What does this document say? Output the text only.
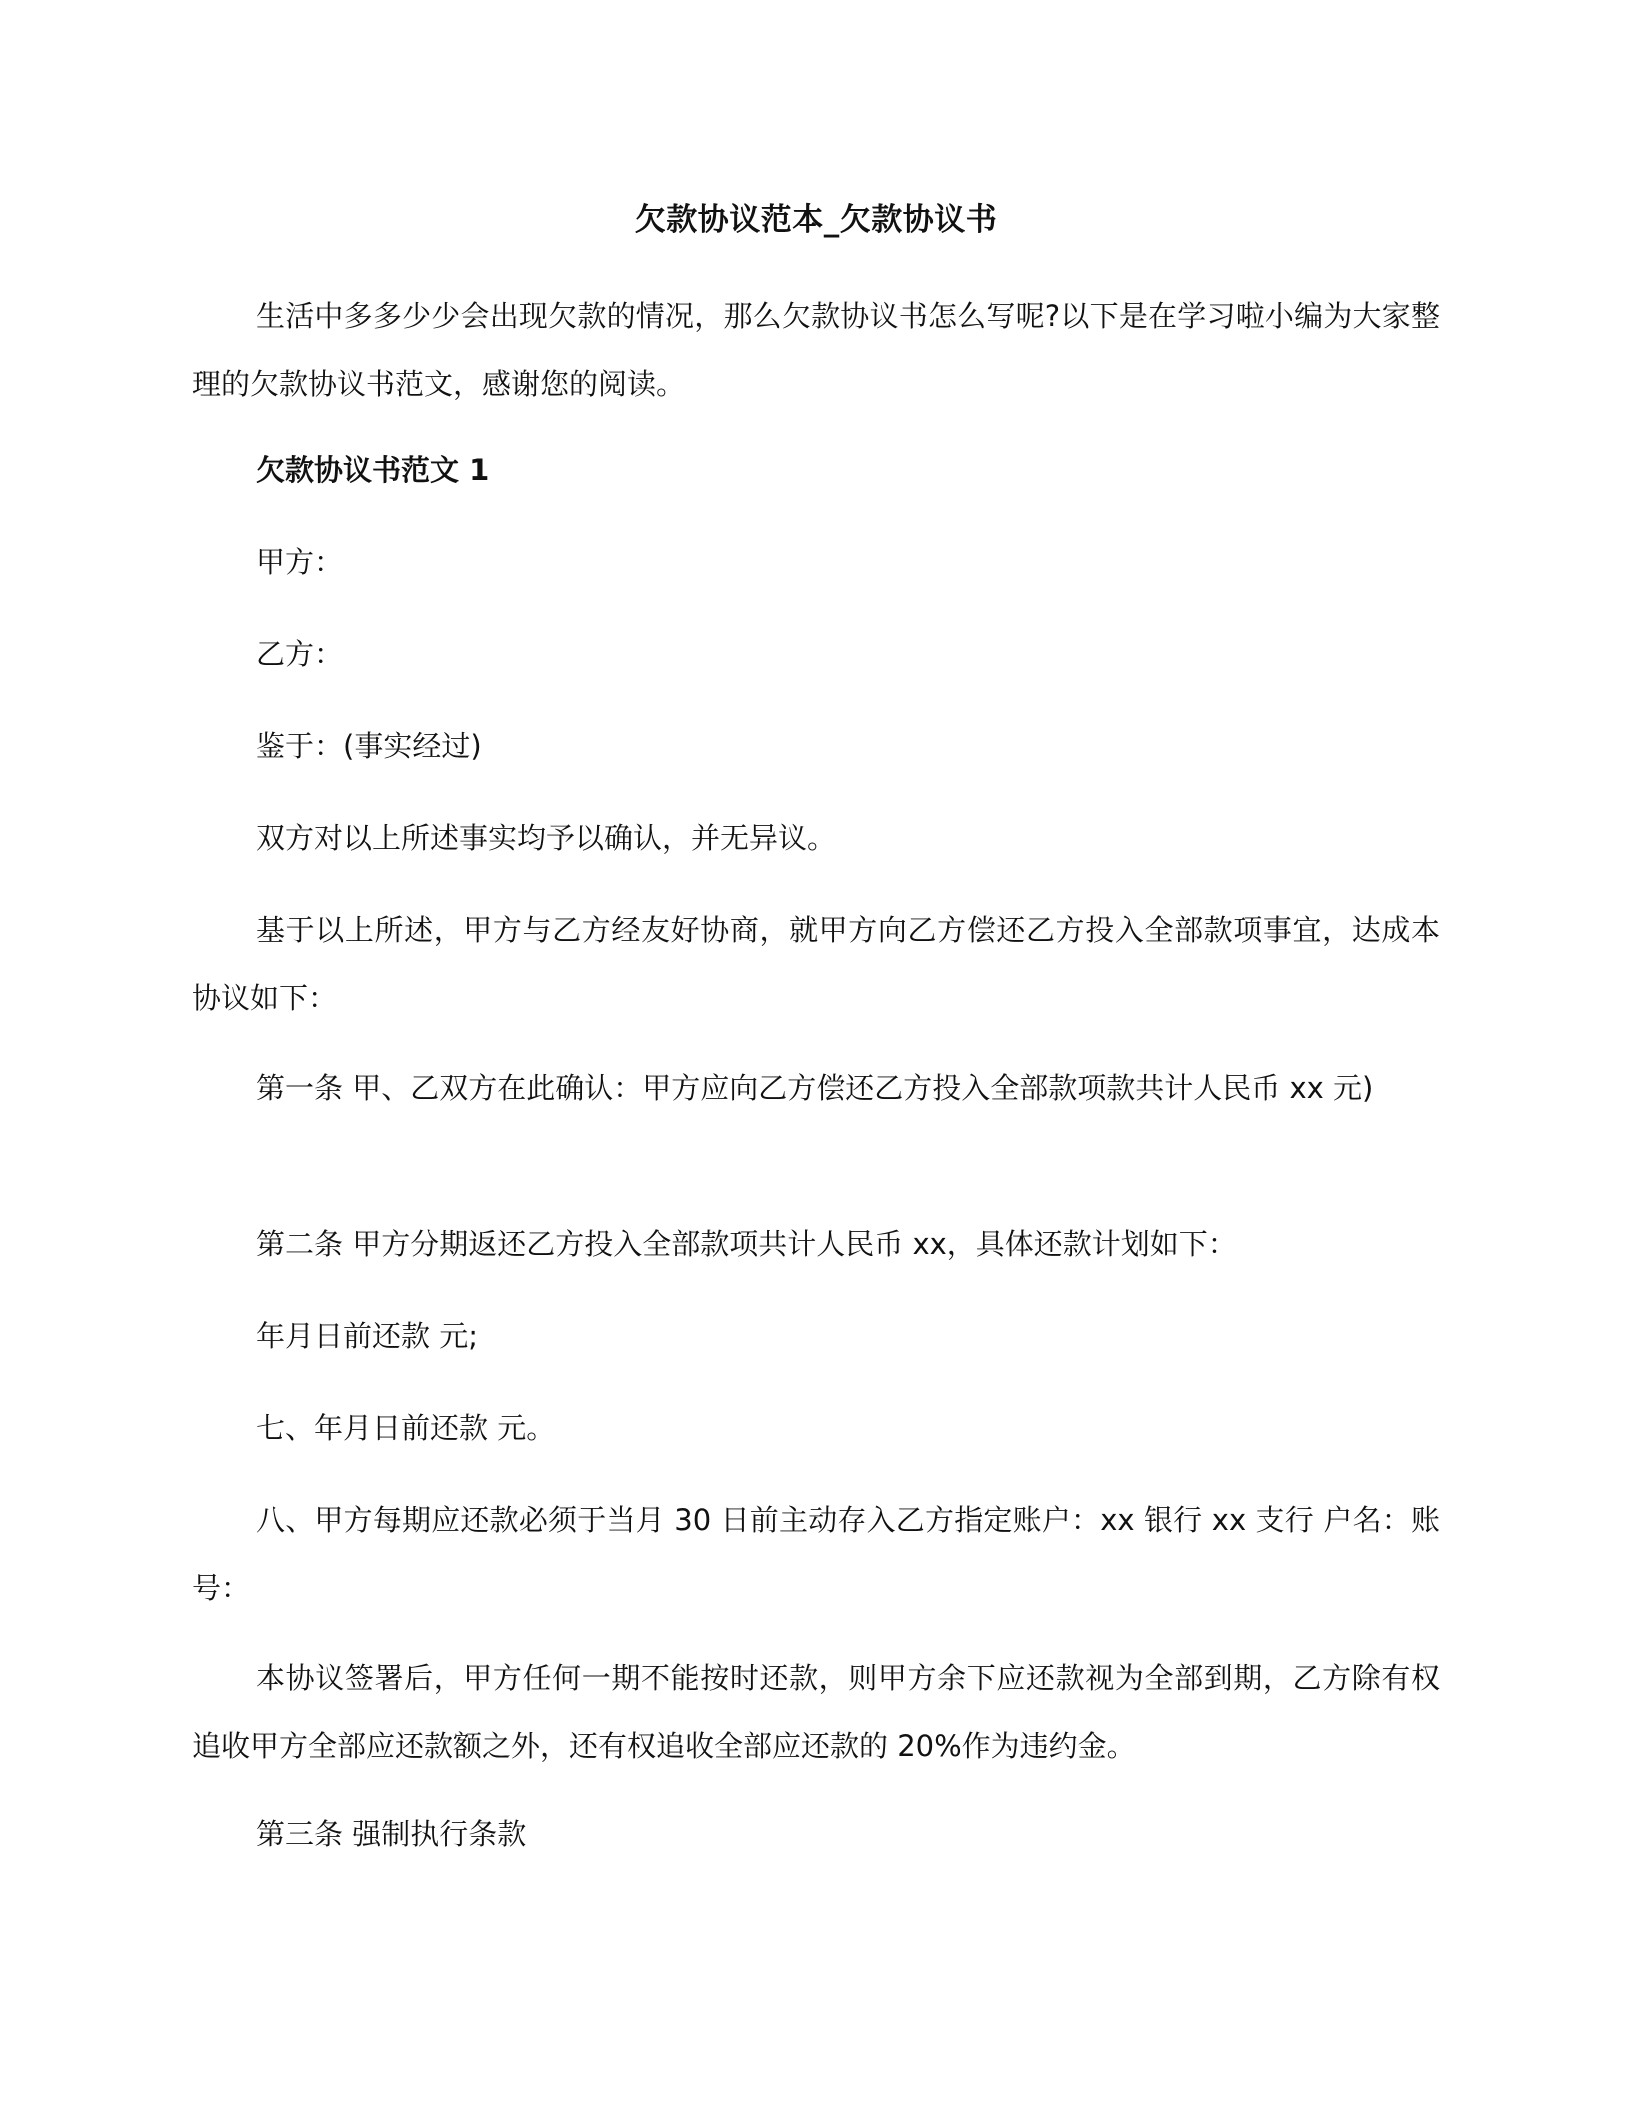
欠款协议范本_欠款协议书
生活中多多少少会出现欠款的情况，那么欠款协议书怎么写呢?以下是在学习啦小编为大家整理的欠款协议书范文，感谢您的阅读。
欠款协议书范文 1
甲方：
乙方：
鉴于：(事实经过)
双方对以上所述事实均予以确认，并无异议。
基于以上所述，甲方与乙方经友好协商，就甲方向乙方偿还乙方投入全部款项事宜，达成本协议如下：
第一条 甲、乙双方在此确认：甲方应向乙方偿还乙方投入全部款项款共计人民币 xx 元)
第二条 甲方分期返还乙方投入全部款项共计人民币 xx，具体还款计划如下：
年月日前还款 元;
七、年月日前还款 元。
八、甲方每期应还款必须于当月 30 日前主动存入乙方指定账户：xx 银行 xx 支行 户名：账号：
本协议签署后，甲方任何一期不能按时还款，则甲方余下应还款视为全部到期，乙方除有权追收甲方全部应还款额之外，还有权追收全部应还款的 20%作为违约金。
第三条 强制执行条款
